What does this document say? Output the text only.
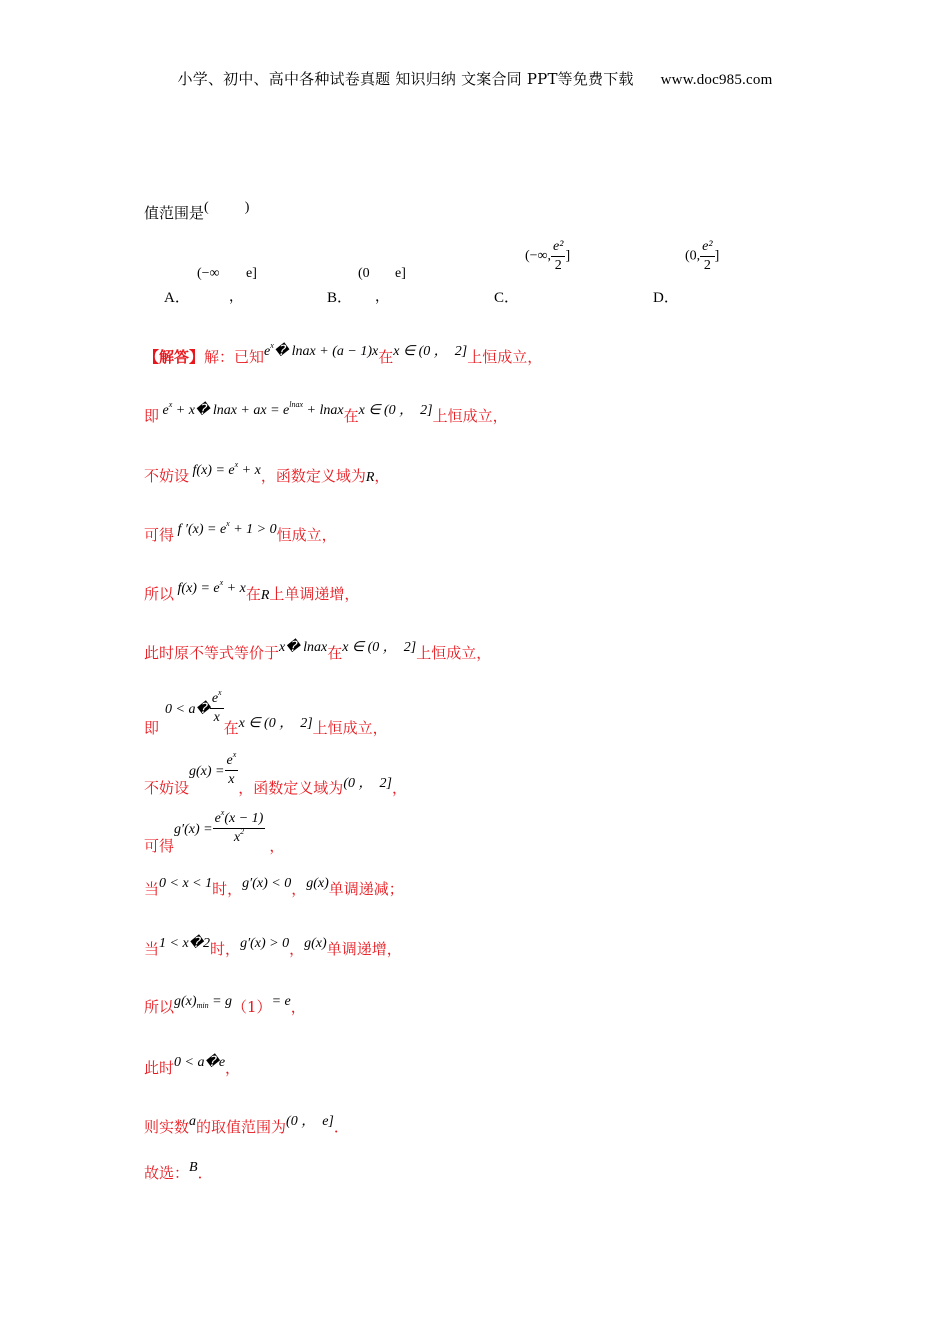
小学、初中、高中各种试卷真题 知识归纳 文案合同 PPT等免费下载 www.doc985.com
值范围是(	)
A．
(−∞
，
e]
B．
(0
，
e]
C．
(−∞, $\frac{\text{e²}}{2}$ ]
D．
(0, $\frac{\text{e²}}{2}$ ]
【解答】解：已知$e^x�$ lnax + (a − 1)x在x ∈ (0 ，  2]上恒成立，
即 $e^x$ + x� lnax + ax = $e^{lnax}$ + lnax在x ∈ (0 ，  2]上恒成立，
不妨设 $f(x) = e^x + x$，函数定义域为R，
可得 f $'(x) = e^x + 1 > 0$恒成立，
所以 $f(x) = e^x + x$在R上单调递增，
此时原不等式等价于x� lnax在x ∈ (0 ，  2]上恒成立，
即0 < a� $\frac{e^x}{x}$
在x ∈ (0 ，  2]上恒成立，
不妨设$g(x) = \frac{e^x}{x}$
，函数定义域为(0 ，  2]，
可得$g'(x) = \frac{e^x(x - 1)}{x^2}$
，
当0 < x < 1时，g′(x) < 0，g(x)单调递减；
当1 < x�2时，g′(x) > 0，g(x)单调递增，
所以$g(x)_{min} = g(1)= e$，
此时0 < a�e，
则实数a的取值范围为(0 ，  e]．
故选：B．
